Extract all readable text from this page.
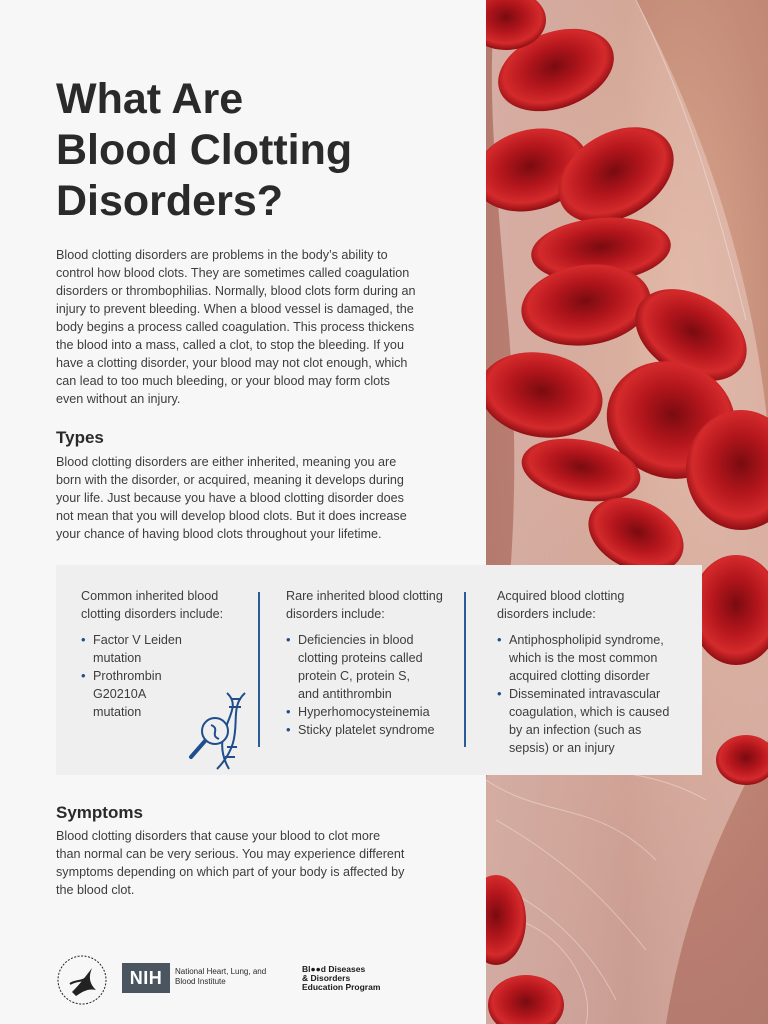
What Are
Blood Clotting
Disorders?

Blood clotting disorders are problems in the body’s ability to control how blood clots. They are sometimes called coagulation disorders or thrombophilias. Normally, blood clots form during an injury to prevent bleeding. When a blood vessel is damaged, the body begins a process called coagulation. This process thickens the blood into a mass, called a clot, to stop the bleeding. If you have a clotting disorder, your blood may not clot enough, which can lead to too much bleeding, or your blood may form clots even without an injury.

Types

Blood clotting disorders are either inherited, meaning you are born with the disorder, or acquired, meaning it develops during your life. Just because you have a blood clotting disorder does not mean that you will develop blood clots. But it does increase your chance of having blood clots throughout your lifetime.

Common inherited blood clotting disorders include:

• Factor V Leiden mutation
• Prothrombin G20210A mutation

Rare inherited blood clotting disorders include:

• Deficiencies in blood clotting proteins called protein C, protein S, and antithrombin
• Hyperhomocysteinemia
• Sticky platelet syndrome

Acquired blood clotting disorders include:

• Antiphospholipid syndrome, which is the most common acquired clotting disorder
• Disseminated intravascular coagulation, which is caused by an infection (such as sepsis) or an injury
Symptoms

Blood clotting disorders that cause your blood to clot more than normal can be very serious. You may experience different symptoms depending on which part of your body is affected by the blood clot.

NIH	National Heart, Lung, and Blood Institute
Bl●●d Diseases
& Disorders
Education Program
